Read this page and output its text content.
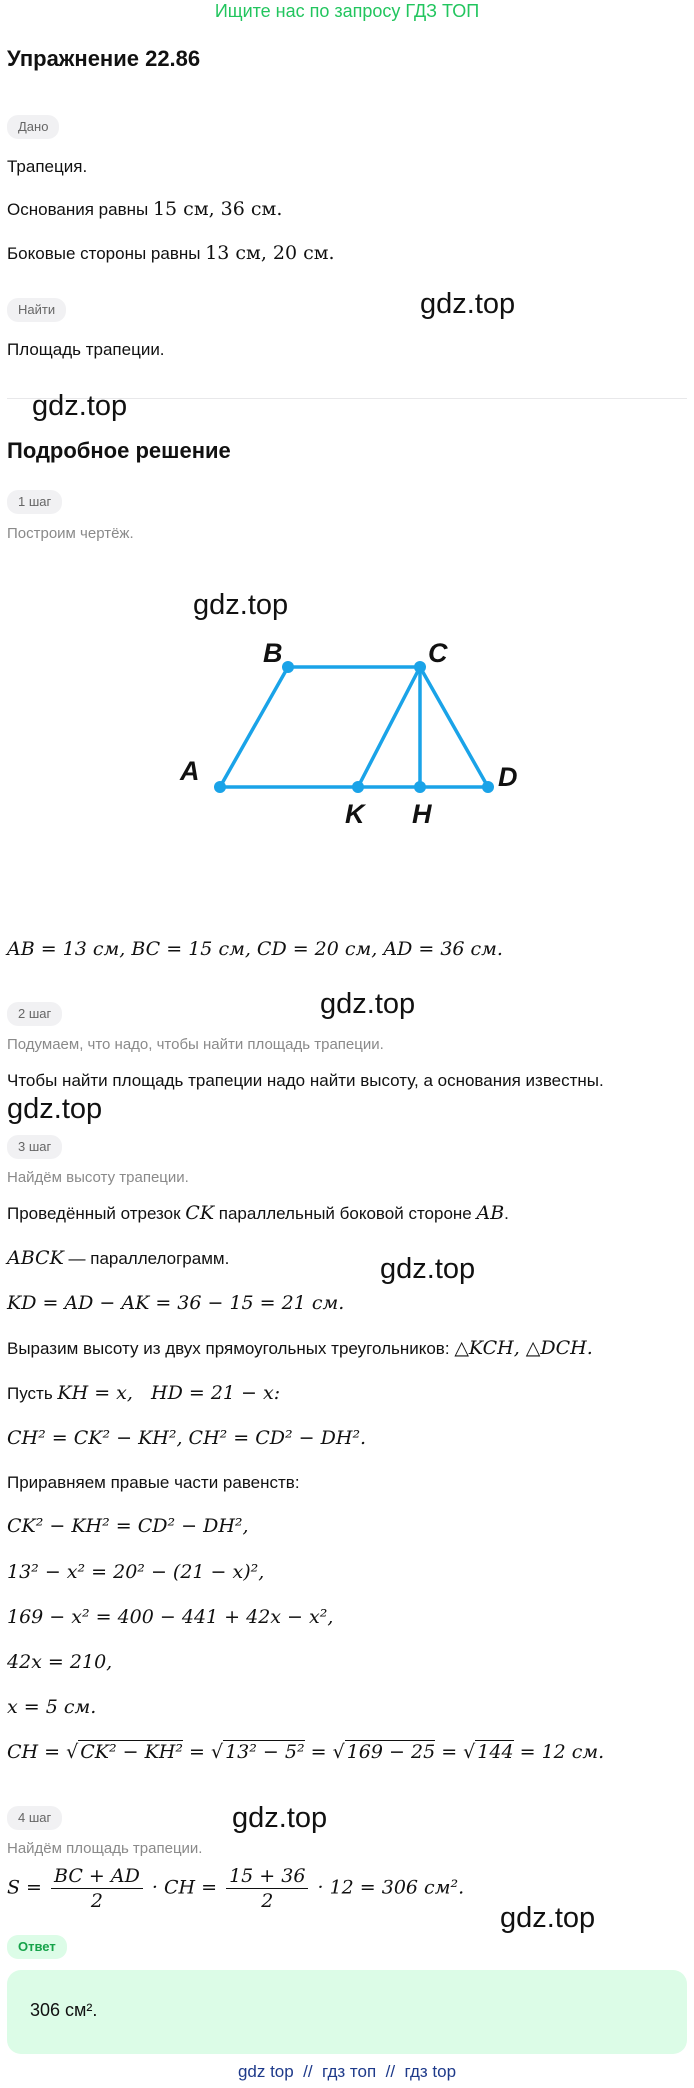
Ищите нас по запросу ГДЗ ТОП
Упражнение 22.86
Дано
Трапеция.
Основания равны 15 см, 36 см.
Боковые стороны равны 13 см, 20 см.
Найти
Площадь трапеции.
Подробное решение
1 шаг
Построим чертёж.
A
B	C
D
K H
AB = 13 см, BC = 15 см, CD = 20 см, AD = 36 см.
2 шаг
Подумаем, что надо, чтобы найти площадь трапеции.
Чтобы найти площадь трапеции надо найти высоту, а основания известны.
3 шаг
Найдём высоту трапеции.
Проведённый отрезок CK параллельный боковой стороне AB.
ABCK — параллелограмм.
KD = AD − AK = 36 − 15 = 21 см.
Выразим высоту из двух прямоугольных треугольников: △KCH, △DCH.
Пусть KH = x,   HD = 21 − x:
CH² = CK² − KH², CH² = CD² − DH².
Приравняем правые части равенств:
CK² − KH² = CD² − DH²,
13² − x² = 20² − (21 − x)²,
169 − x² = 400 − 441 + 42x − x²,
42x = 210,
x = 5 см.
CH = √ CK² − KH² = √ 13² − 5² = √ 169 − 25 = √ 144 = 12 см.
4 шаг
Найдём площадь трапеции.
$S = \frac{BC + AD}{2}$ · CH = $\frac{15 + 36}{2} \cdot 12 = 306$ см².
Ответ
306 см².
gdz.top
gdz.top
gdz.top
gdz.top
gdz.top
gdz.top
gdz.top
gdz.top
gdz top  //  гдз топ  //  гдз top
